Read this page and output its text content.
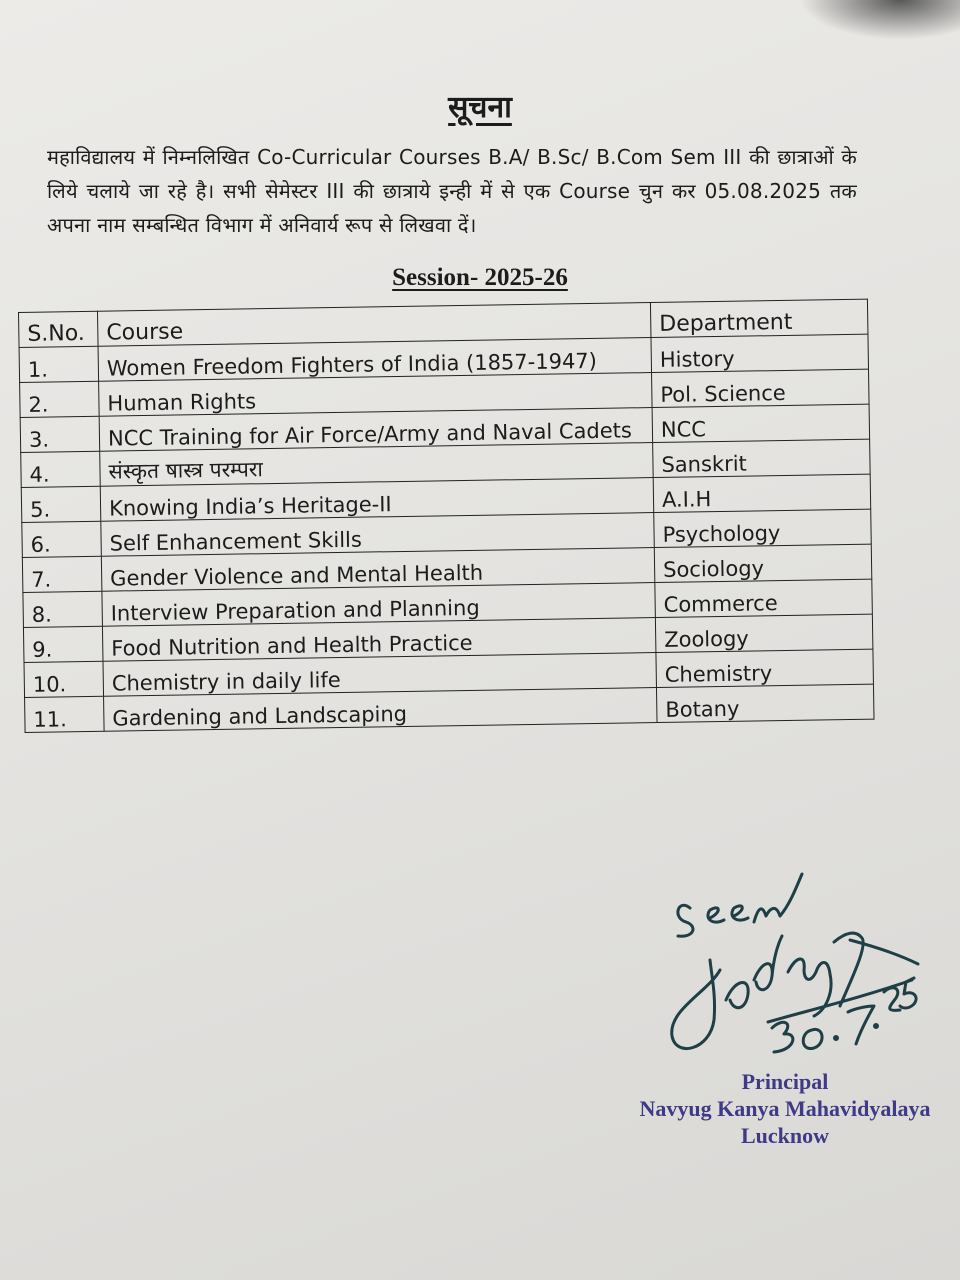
सूचना
महाविद्यालय में निम्नलिखित Co-Curricular Courses B.A/ B.Sc/ B.Com Sem III की छात्राओं के लिये चलाये जा रहे है। सभी सेमेस्टर III की छात्राये इन्ही में से एक Course चुन कर 05.08.2025 तक अपना नाम सम्बन्धित विभाग में अनिवार्य रूप से लिखवा दें।
Session- 2025-26
S.No.	Course	Department
1.	Women Freedom Fighters of India (1857-1947)	History
2.	Human Rights	Pol. Science
3.	NCC Training for Air Force/Army and Naval Cadets	NCC
4.	संस्कृत षास्त्र परम्परा	Sanskrit
5.	Knowing India’s Heritage-II	A.I.H
6.	Self Enhancement Skills	Psychology
7.	Gender Violence and Mental Health	Sociology
8.	Interview Preparation and Planning	Commerce
9.	Food Nutrition and Health Practice	Zoology
10.	Chemistry in daily life	Chemistry
11.	Gardening and Landscaping	Botany
Principal
Navyug Kanya Mahavidyalaya
Lucknow
